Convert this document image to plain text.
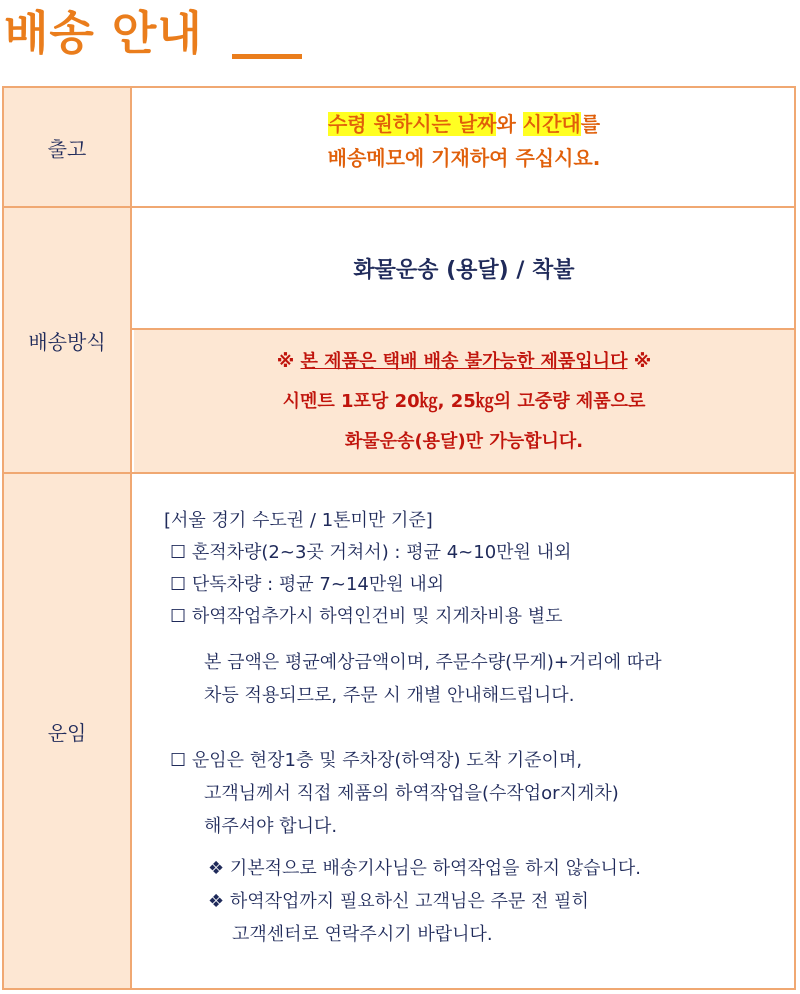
배송 안내
출고
수령 원하시는 날짜와 시간대를
배송메모에 기재하여 주십시요.
배송방식
화물운송 (용달) / 착불
※ 본 제품은 택배 배송 불가능한 제품입니다 ※
시멘트 1포당 20㎏, 25㎏의 고중량 제품으로
화물운송(용달)만 가능합니다.
운임
[서울 경기 수도권 / 1톤미만 기준]
☐ 혼적차량(2~3곳 거쳐서) : 평균 4~10만원 내외
☐ 단독차량 : 평균 7~14만원 내외
☐ 하역작업추가시 하역인건비 및 지게차비용 별도
본 금액은 평균예상금액이며, 주문수량(무게)+거리에 따라
차등 적용되므로, 주문 시 개별 안내해드립니다.
☐ 운임은 현장1층 및 주차장(하역장) 도착 기준이며,
고객님께서 직접 제품의 하역작업을(수작업or지게차)
해주셔야 합니다.
❖ 기본적으로 배송기사님은 하역작업을 하지 않습니다.
❖ 하역작업까지 필요하신 고객님은 주문 전 필히
고객센터로 연락주시기 바랍니다.
